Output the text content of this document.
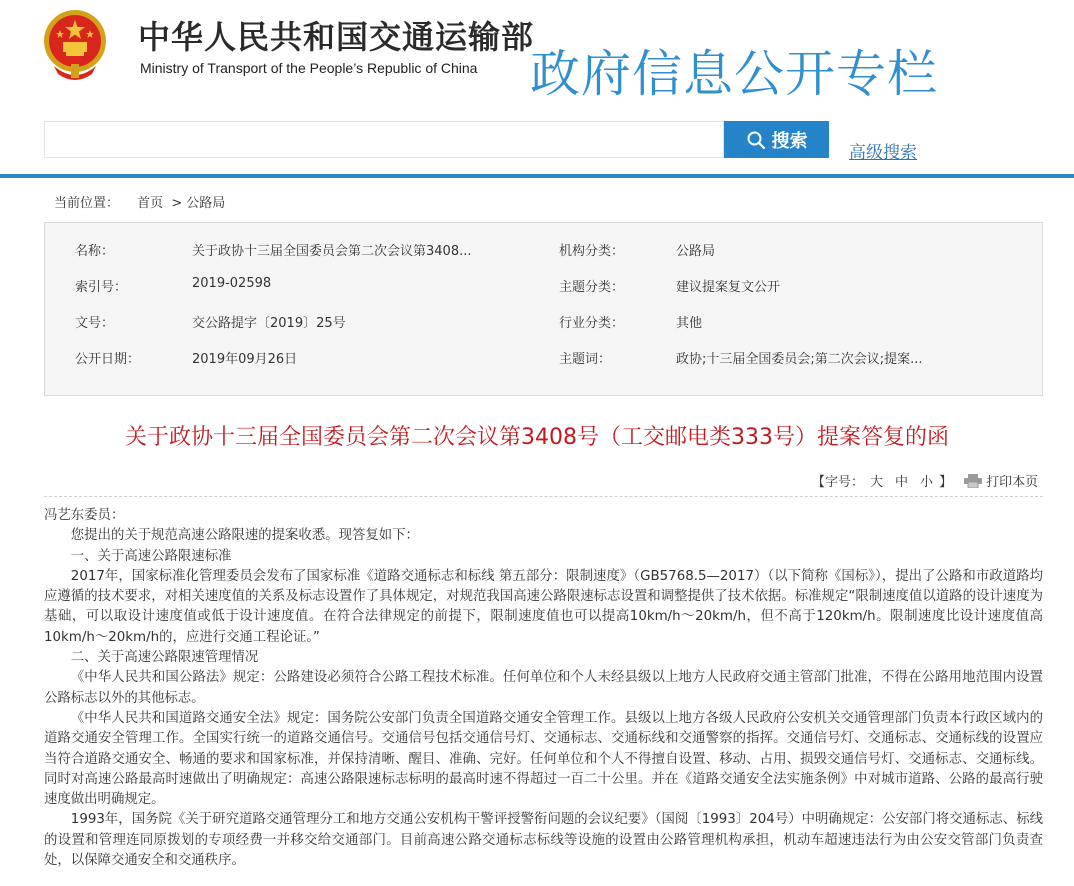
中华人民共和国交通运输部
Ministry of Transport of the People’s Republic of China 政府信息公开专栏
搜索
高级搜索
当前位置： 首页 > 公路局
名称：	关于政协十三届全国委员会第二次会议第3408...	机构分类：	公路局
索引号：	2019-02598	主题分类：	建议提案复文公开
文号：	交公路提字〔2019〕25号	行业分类：	其他
公开日期：	2019年09月26日	主题词：	政协;十三届全国委员会;第二次会议;提案...
关于政协十三届全国委员会第二次会议第3408号（工交邮电类333号）提案答复的函
【字号： 大 中 小 】	打印本页

冯艺东委员：

您提出的关于规范高速公路限速的提案收悉。现答复如下：

一、关于高速公路限速标准

2017年，国家标准化管理委员会发布了国家标准《道路交通标志和标线 第五部分：限制速度》（GB5768.5—2017）（以下简称《国标》），提出了公路和市政道路均应遵循的技术要求，对相关速度值的关系及标志设置作了具体规定，对规范我国高速公路限速标志设置和调整提供了技术依据。标准规定“限制速度值以道路的设计速度为基础，可以取设计速度值或低于设计速度值。在符合法律规定的前提下，限制速度值也可以提高10km/h～20km/h，但不高于120km/h。限制速度比设计速度值高10km/h～20km/h的，应进行交通工程论证。”

二、关于高速公路限速管理情况

《中华人民共和国公路法》规定：公路建设必须符合公路工程技术标准。任何单位和个人未经县级以上地方人民政府交通主管部门批准，不得在公路用地范围内设置公路标志以外的其他标志。

《中华人民共和国道路交通安全法》规定：国务院公安部门负责全国道路交通安全管理工作。县级以上地方各级人民政府公安机关交通管理部门负责本行政区域内的道路交通安全管理工作。全国实行统一的道路交通信号。交通信号包括交通信号灯、交通标志、交通标线和交通警察的指挥。交通信号灯、交通标志、交通标线的设置应当符合道路交通安全、畅通的要求和国家标准，并保持清晰、醒目、准确、完好。任何单位和个人不得擅自设置、移动、占用、损毁交通信号灯、交通标志、交通标线。同时对高速公路最高时速做出了明确规定：高速公路限速标志标明的最高时速不得超过一百二十公里。并在《道路交通安全法实施条例》中对城市道路、公路的最高行驶速度做出明确规定。

1993年，国务院《关于研究道路交通管理分工和地方交通公安机构干警评授警衔问题的会议纪要》（国阅〔1993〕204号）中明确规定：公安部门将交通标志、标线的设置和管理连同原拨划的专项经费一并移交给交通部门。目前高速公路交通标志标线等设施的设置由公路管理机构承担，机动车超速违法行为由公安交管部门负责查处，以保障交通安全和交通秩序。
